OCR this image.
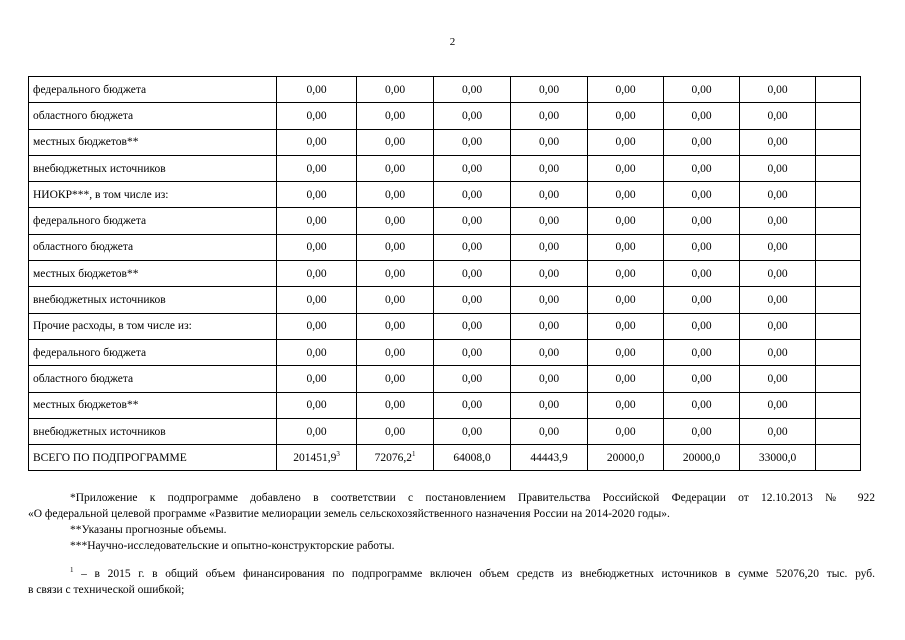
2
федерального бюджета	0,00	0,00	0,00	0,00	0,00	0,00	0,00	
областного бюджета	0,00	0,00	0,00	0,00	0,00	0,00	0,00	
местных бюджетов**	0,00	0,00	0,00	0,00	0,00	0,00	0,00	
внебюджетных источников	0,00	0,00	0,00	0,00	0,00	0,00	0,00	
НИОКР***, в том числе из:	0,00	0,00	0,00	0,00	0,00	0,00	0,00	
федерального бюджета	0,00	0,00	0,00	0,00	0,00	0,00	0,00	
областного бюджета	0,00	0,00	0,00	0,00	0,00	0,00	0,00	
местных бюджетов**	0,00	0,00	0,00	0,00	0,00	0,00	0,00	
внебюджетных источников	0,00	0,00	0,00	0,00	0,00	0,00	0,00	
Прочие расходы, в том числе из:	0,00	0,00	0,00	0,00	0,00	0,00	0,00	
федерального бюджета	0,00	0,00	0,00	0,00	0,00	0,00	0,00	
областного бюджета	0,00	0,00	0,00	0,00	0,00	0,00	0,00	
местных бюджетов**	0,00	0,00	0,00	0,00	0,00	0,00	0,00	
внебюджетных источников	0,00	0,00	0,00	0,00	0,00	0,00	0,00	
ВСЕГО ПО ПОДПРОГРАММЕ	201451,9$^3$	72076,2$^1$	64008,0	44443,9	20000,0	20000,0	33000,0	

*Приложение к подпрограмме добавлено в соответствии с постановлением Правительства Российской Федерации от 12.10.2013 № 922

«О федеральной целевой программе «Развитие мелиорации земель сельскохозяйственного назначения России на 2014-2020 годы».

**Указаны прогнозные объемы.

***Научно-исследовательские и опытно-конструкторские работы.

$^1$ – в 2015 г. в общий объем финансирования по подпрограмме включен объем средств из внебюджетных источников в сумме 52076,20 тыс. руб.

в связи с технической ошибкой;
